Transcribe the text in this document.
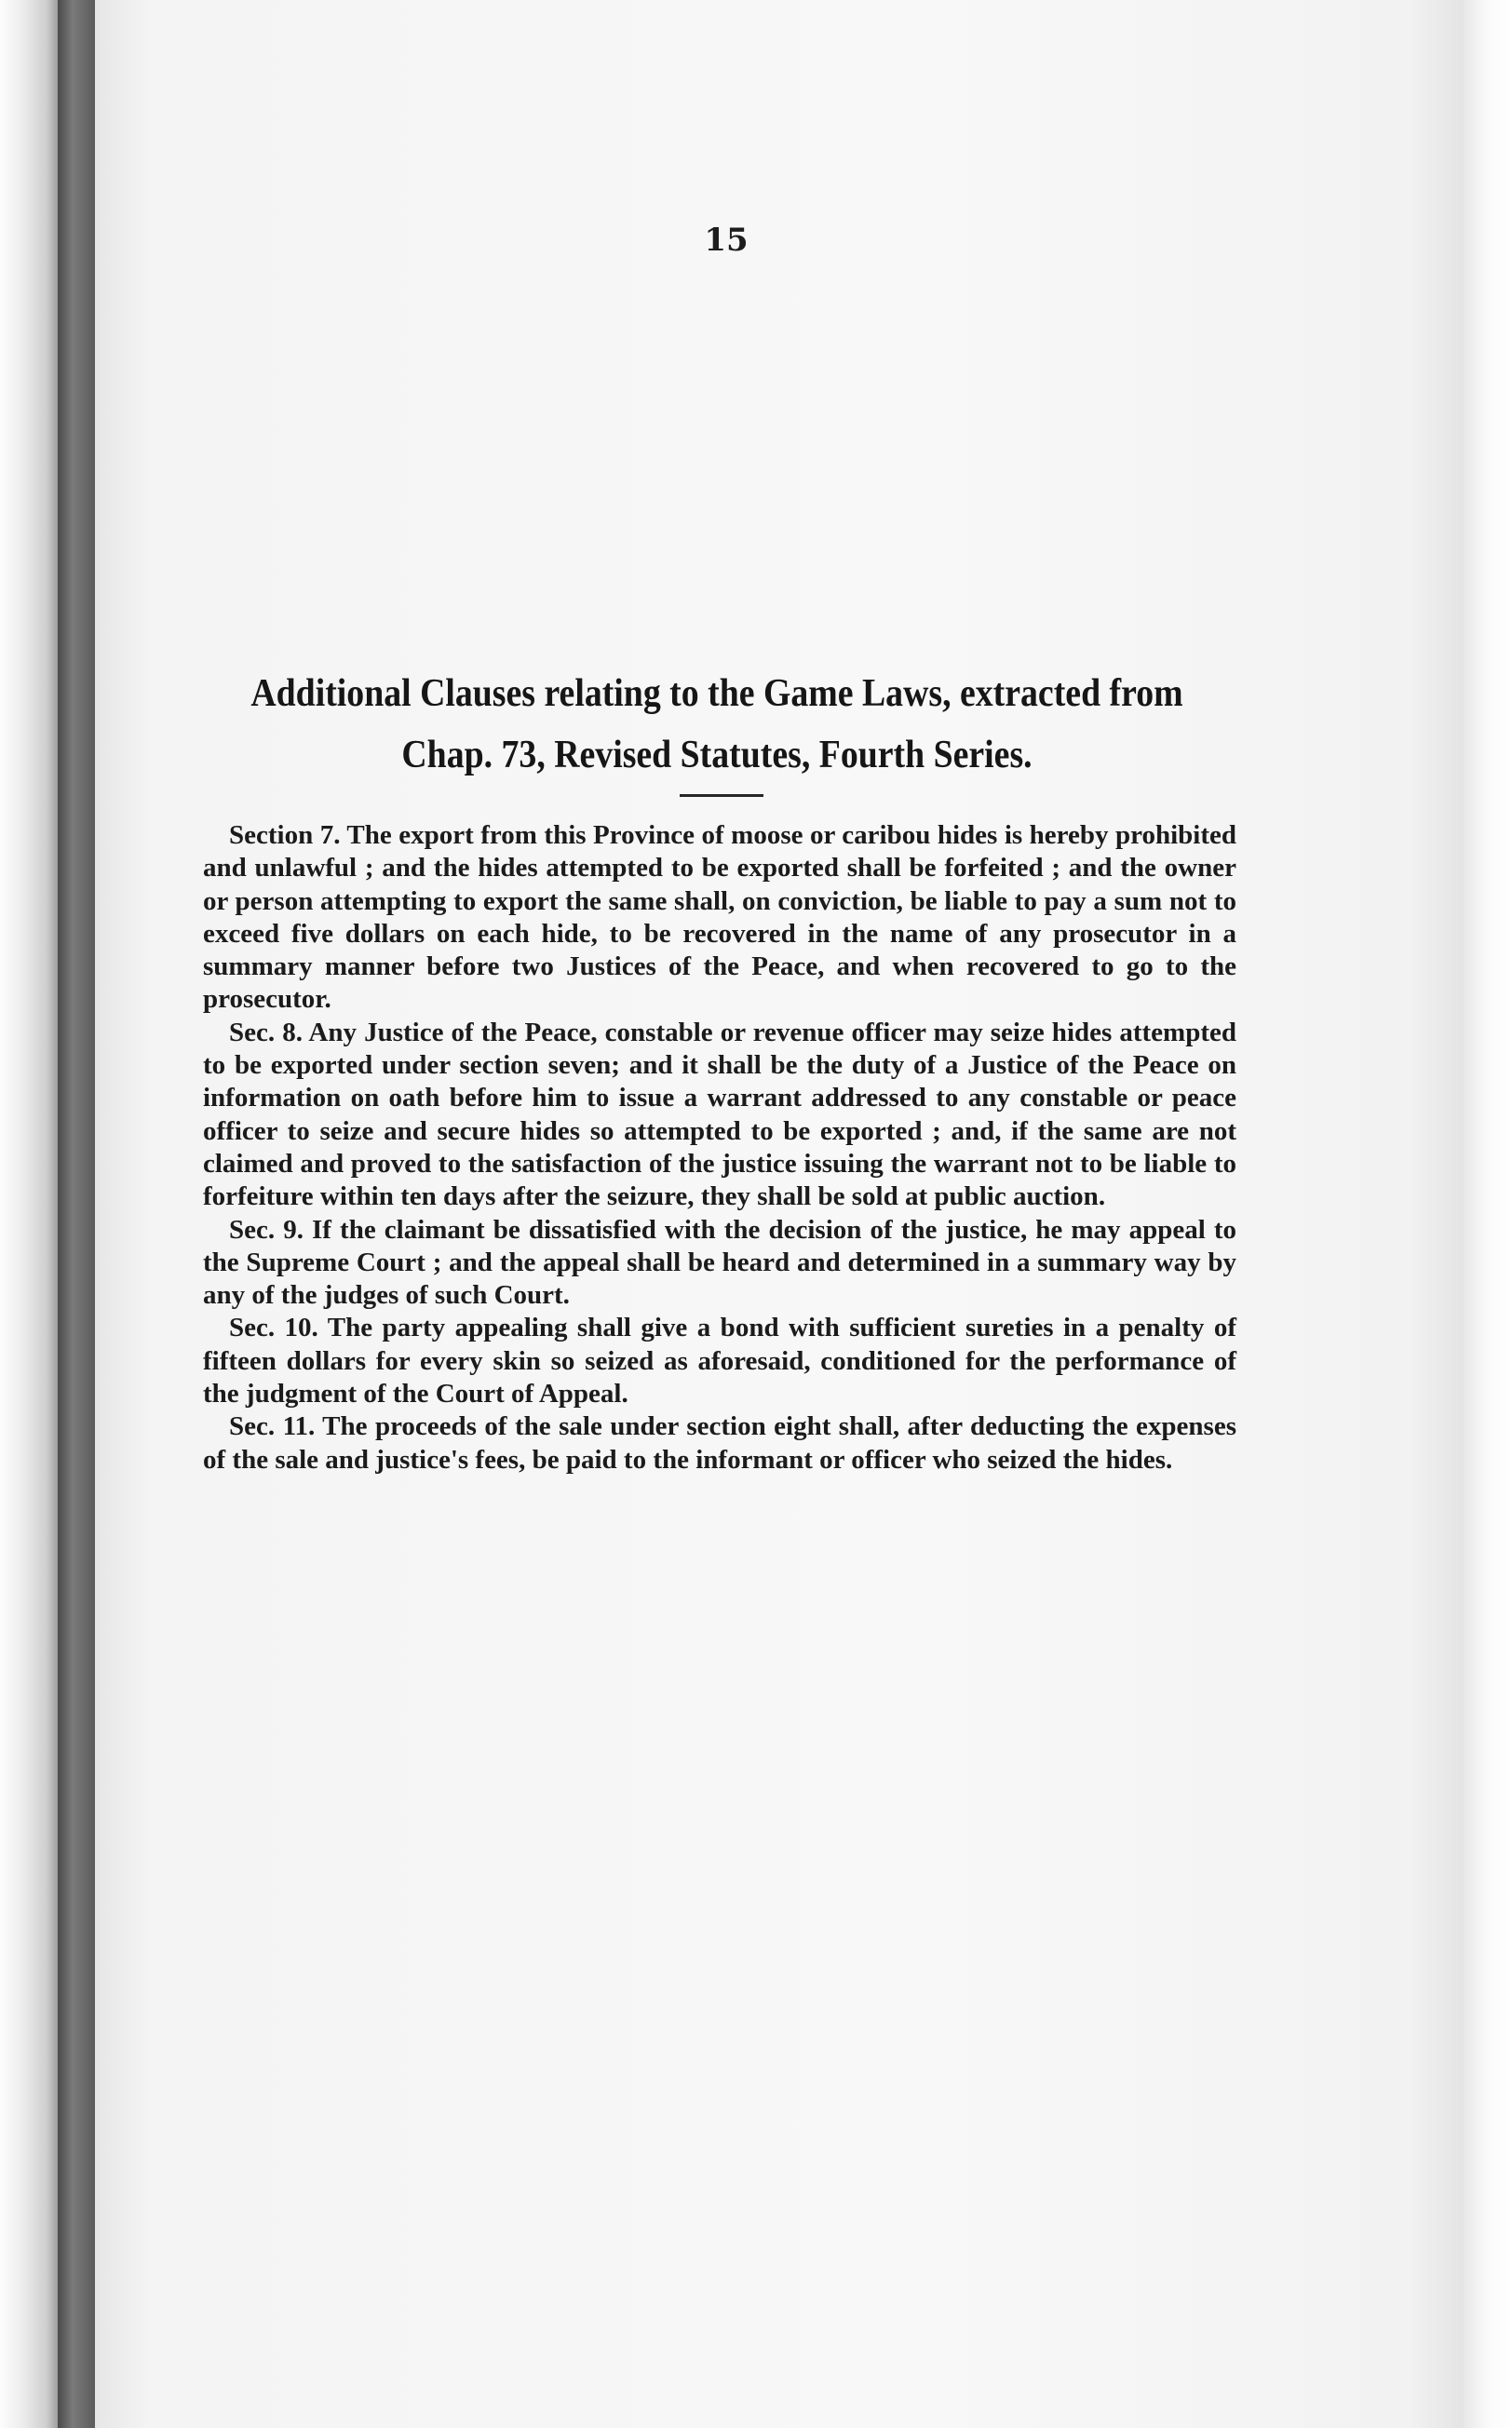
15
Additional Clauses relating to the Game Laws, extracted from
Chap. 73, Revised Statutes, Fourth Series.

Section 7. The export from this Province of moose or caribou hides is hereby prohibited and unlawful ; and the hides attempted to be exported shall be forfeited ; and the owner or person attempting to export the same shall, on conviction, be liable to pay a sum not to exceed five dollars on each hide, to be recovered in the name of any prosecutor in a summary manner before two Justices of the Peace, and when recovered to go to the prosecutor.

Sec. 8. Any Justice of the Peace, constable or revenue officer may seize hides attempted to be exported under section seven; and it shall be the duty of a Justice of the Peace on information on oath before him to issue a warrant addressed to any constable or peace officer to seize and secure hides so attempted to be exported ; and, if the same are not claimed and proved to the satisfaction of the justice issuing the warrant not to be liable to forfeiture within ten days after the seizure, they shall be sold at public auction.

Sec. 9. If the claimant be dissatisfied with the decision of the justice, he may appeal to the Supreme Court ; and the appeal shall be heard and determined in a summary way by any of the judges of such Court.

Sec. 10. The party appealing shall give a bond with sufficient sureties in a penalty of fifteen dollars for every skin so seized as aforesaid, conditioned for the performance of the judgment of the Court of Appeal.

Sec. 11. The proceeds of the sale under section eight shall, after deducting the expenses of the sale and justice's fees, be paid to the informant or officer who seized the hides.
